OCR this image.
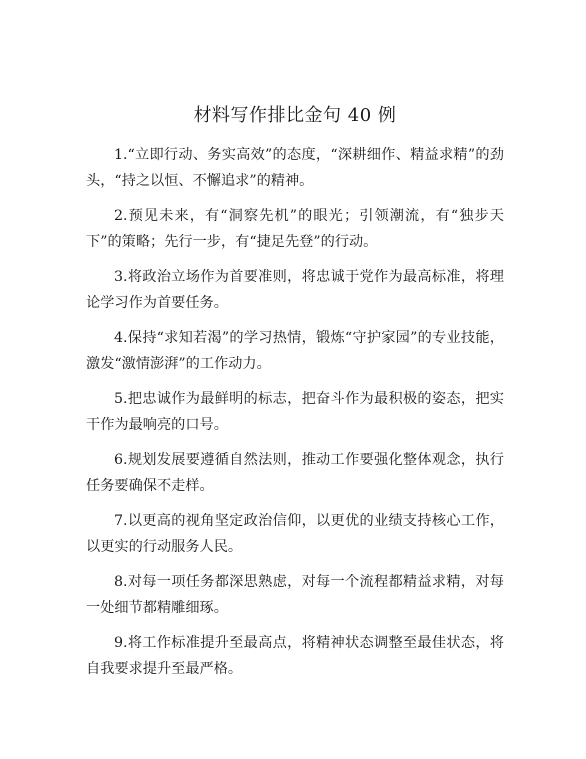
材料写作排比金句 40 例

1.“立即行动、务实高效”的态度，“深耕细作、精益求精”的劲头，“持之以恒、不懈追求”的精神。

2.预见未来，有“洞察先机”的眼光；引领潮流，有“独步天下”的策略；先行一步，有“捷足先登”的行动。

3.将政治立场作为首要准则，将忠诚于党作为最高标准，将理论学习作为首要任务。

4.保持“求知若渴”的学习热情，锻炼“守护家园”的专业技能，激发“激情澎湃”的工作动力。

5.把忠诚作为最鲜明的标志，把奋斗作为最积极的姿态，把实干作为最响亮的口号。

6.规划发展要遵循自然法则，推动工作要强化整体观念，执行任务要确保不走样。

7.以更高的视角坚定政治信仰，以更优的业绩支持核心工作，以更实的行动服务人民。

8.对每一项任务都深思熟虑，对每一个流程都精益求精，对每一处细节都精雕细琢。

9.将工作标准提升至最高点，将精神状态调整至最佳状态，将自我要求提升至最严格。
